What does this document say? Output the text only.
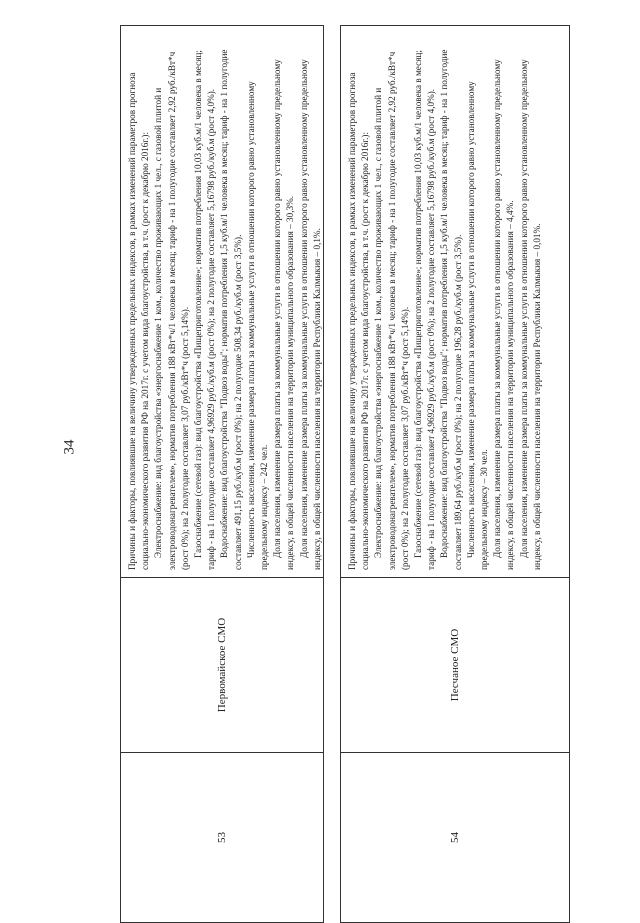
34
53
Первомайское СМО

Причины и факторы, повлиявшие на величину утвержденных предельных индексов, в рамках изменений параметров прогноза социально-экономического развития РФ на 2017г. с учетом вида благоустройства, в т.ч. (рост к декабрю 2016г.): Электроснабжение: вид благоустройства «энергоснабжение 1 ком., количество проживающих 1 чел., с газовой плитой и электроводонагревателем», норматив потребления 188 кВт*ч/1 человека в месяц; тариф - на 1 полугодие составляет 2,92 руб./кВт*ч (рост 0%); на 2 полугодие составляет 3,07 руб./кВт*ч (рост 5,14%). Газоснабжение (сетевой газ): вид благоустройства «Пищеприготовление»; норматив потребления 10,03 куб.м/1 человека в месяц; тариф - на 1 полугодие составляет 4,96929 руб./куб.м (рост 0%); на 2 полугодие составляет 5,16798 руб./куб.м (рост 4,0%). Водоснабжение: вид благоустройства "Подвоз воды"; норматив потребления 1,5 куб.м/1 человека в месяц; тариф - на 1 полугодие составляет 491,15 руб./куб.м (рост 0%); на 2 полугодие 508,34 руб./куб.м (рост 3,5%). Численность населения, изменение размера платы за коммунальные услуги в отношении которого равно установленному предельному индексу – 242 чел. Доля населения, изменение размера платы за коммунальные услуги в отношении которого равно установленному предельному индексу, в общей численности населения на территории муниципального образования – 30,3%. Доля населения, изменение размера платы за коммунальные услуги в отношении которого равно установленному предельному индексу, в общей численности населения на территории Республики Калмыкия – 0,1%.

54
Песчаное СМО

Причины и факторы, повлиявшие на величину утвержденных предельных индексов, в рамках изменений параметров прогноза социально-экономического развития РФ на 2017г. с учетом вида благоустройства, в т.ч. (рост к декабрю 2016г.): Электроснабжение: вид благоустройства «энергоснабжение 1 ком., количество проживающих 1 чел., с газовой плитой и электроводонагревателем», норматив потребления 188 кВт*ч/1 человека в месяц; тариф - на 1 полугодие составляет 2,92 руб./кВт*ч (рост 0%); на 2 полугодие составляет 3,07 руб./кВт*ч (рост 5,14%). Газоснабжение (сетевой газ): вид благоустройства «Пищеприготовление»; норматив потребления 10,03 куб.м/1 человека в месяц; тариф - на 1 полугодие составляет 4,96929 руб./куб.м (рост 0%); на 2 полугодие составляет 5,16798 руб./куб.м (рост 4,0%). Водоснабжение: вид благоустройства "Подвоз воды"; норматив потребления 1,5 куб.м/1 человека в месяц; тариф - на 1 полугодие составляет 189,64 руб./куб.м (рост 0%); на 2 полугодие 196,28 руб./куб.м (рост 3,5%). Численность населения, изменение размера платы за коммунальные услуги в отношении которого равно установленному предельному индексу – 30 чел. Доля населения, изменение размера платы за коммунальные услуги в отношении которого равно установленному предельному индексу, в общей численности населения на территории муниципального образования – 4,4%. Доля населения, изменение размера платы за коммунальные услуги в отношении которого равно установленному предельному индексу, в общей численности населения на территории Республики Калмыкия – 0,01%.
